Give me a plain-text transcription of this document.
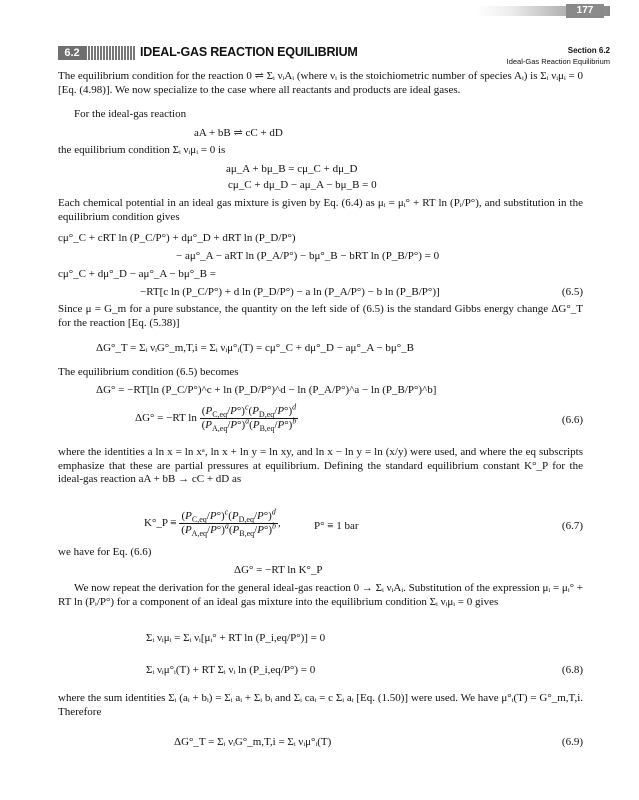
177
6.2	IDEAL-GAS REACTION EQUILIBRIUM	Section 6.2
Ideal-Gas Reaction Equilibrium
The equilibrium condition for the reaction 0 ⇌ Σᵢ νᵢAᵢ (where νᵢ is the stoichiometric number of species Aᵢ) is Σᵢ νᵢμᵢ = 0 [Eq. (4.98)]. We now specialize to the case where all reactants and products are ideal gases.
For the ideal-gas reaction
aA + bB ⇌ cC + dD
the equilibrium condition Σᵢ νᵢμᵢ = 0 is
aμ_A + bμ_B = cμ_C + dμ_D
cμ_C + dμ_D − aμ_A − bμ_B = 0
Each chemical potential in an ideal gas mixture is given by Eq. (6.4) as μᵢ = μᵢ° + RT ln (Pᵢ/P°), and substitution in the equilibrium condition gives
cμ°_C + cRT ln (P_C/P°) + dμ°_D + dRT ln (P_D/P°)
− aμ°_A − aRT ln (P_A/P°) − bμ°_B − bRT ln (P_B/P°) = 0
cμ°_C + dμ°_D − aμ°_A − bμ°_B =
−RT[c ln (P_C/P°) + d ln (P_D/P°) − a ln (P_A/P°) − b ln (P_B/P°)]	(6.5)
Since μ = G_m for a pure substance, the quantity on the left side of (6.5) is the standard Gibbs energy change ΔG°_T for the reaction [Eq. (5.38)]
ΔG°_T = Σᵢ νᵢG°_m,T,i = Σᵢ νᵢμ°ᵢ(T) = cμ°_C + dμ°_D − aμ°_A − bμ°_B
The equilibrium condition (6.5) becomes
ΔG° = −RT[ln (P_C/P°)^c + ln (P_D/P°)^d − ln (P_A/P°)^a − ln (P_B/P°)^b]
ΔG° = −RT $\ln \frac{(P_{C,eq}/P^\circ)^c(P_{D,eq}/P^\circ)^d}{(P_{A,eq}/P^\circ)^a(P_{B,eq}/P^\circ)^b}$	(6.6)
where the identities a ln x = ln xᵃ, ln x + ln y = ln xy, and ln x − ln y = ln (x/y) were used, and where the eq subscripts emphasize that these are partial pressures at equilibrium. Defining the standard equilibrium constant K°_P for the ideal-gas reaction aA + bB → cC + dD as
K°_P ≡ $\frac{(P_{C,eq}/P^\circ)^c(P_{D,eq}/P^\circ)^d}{(P_{A,eq}/P^\circ)^a(P_{B,eq}/P^\circ)^b}$ ,	P° ≡ 1 bar	(6.7)
we have for Eq. (6.6)
ΔG° = −RT ln K°_P
We now repeat the derivation for the general ideal-gas reaction 0 → Σᵢ νᵢAᵢ. Substitution of the expression μᵢ = μᵢ° + RT ln (Pᵢ/P°) for a component of an ideal gas mixture into the equilibrium condition Σᵢ νᵢμᵢ = 0 gives
Σᵢ νᵢμᵢ = Σᵢ νᵢ[μᵢ° + RT ln (P_i,eq/P°)] = 0
Σᵢ νᵢμ°ᵢ(T) + RT Σᵢ νᵢ ln (P_i,eq/P°) = 0	(6.8)
where the sum identities Σᵢ (aᵢ + bᵢ) = Σᵢ aᵢ + Σᵢ bᵢ and Σᵢ caᵢ = c Σᵢ aᵢ [Eq. (1.50)] were used. We have μ°ᵢ(T) = G°_m,T,i. Therefore
ΔG°_T = Σᵢ νᵢG°_m,T,i = Σᵢ νᵢμ°ᵢ(T)	(6.9)
